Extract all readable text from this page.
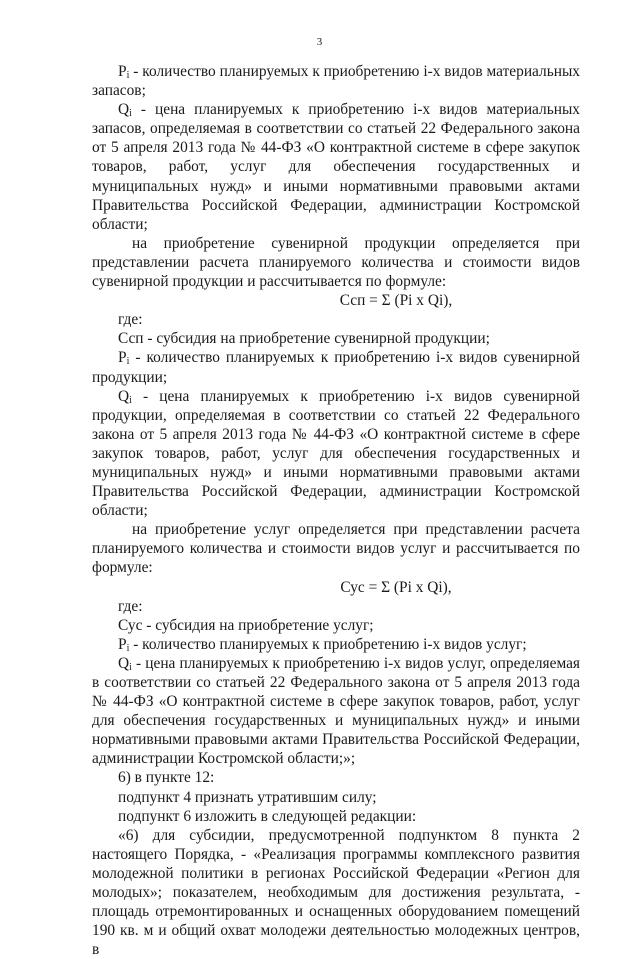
3

$P_i$ - количество планируемых к приобретению i-х видов материальных запасов;

$Q_i$ - цена планируемых к приобретению i-х видов материальных запасов, определяемая в соответствии со статьей 22 Федерального закона от 5 апреля 2013 года № 44-ФЗ «О контрактной системе в сфере закупок товаров, работ, услуг для обеспечения государственных и муниципальных нужд» и иными нормативными правовыми актами Правительства Российской Федерации, администрации Костромской области;

на приобретение сувенирной продукции определяется при представлении расчета планируемого количества и стоимости видов сувенирной продукции и рассчитывается по формуле:

Ссп = Σ (Pi x Qi),

где:

Ссп - субсидия на приобретение сувенирной продукции;

$P_i$ - количество планируемых к приобретению i-х видов сувенирной продукции;

$Q_i$ - цена планируемых к приобретению i-х видов сувенирной продукции, определяемая в соответствии со статьей 22 Федерального закона от 5 апреля 2013 года № 44-ФЗ «О контрактной системе в сфере закупок товаров, работ, услуг для обеспечения государственных и муниципальных нужд» и иными нормативными правовыми актами Правительства Российской Федерации, администрации Костромской области;

на приобретение услуг определяется при представлении расчета планируемого количества и стоимости видов услуг и рассчитывается по формуле:

Сус = Σ (Pi x Qi),

где:

Сус - субсидия на приобретение услуг;

$P_i$ - количество планируемых к приобретению i-х видов услуг;

$Q_i$ - цена планируемых к приобретению i-х видов услуг, определяемая в соответствии со статьей 22 Федерального закона от 5 апреля 2013 года № 44-ФЗ «О контрактной системе в сфере закупок товаров, работ, услуг для обеспечения государственных и муниципальных нужд» и иными нормативными правовыми актами Правительства Российской Федерации, администрации Костромской области;»;

6) в пункте 12:

подпункт 4 признать утратившим силу;

подпункт 6 изложить в следующей редакции:

«6) для субсидии, предусмотренной подпунктом 8 пункта 2 настоящего Порядка, - «Реализация программы комплексного развития молодежной политики в регионах Российской Федерации «Регион для молодых»; показателем, необходимым для достижения результата, - площадь отремонтированных и оснащенных оборудованием помещений 190 кв. м и общий охват молодежи деятельностью молодежных центров, в
